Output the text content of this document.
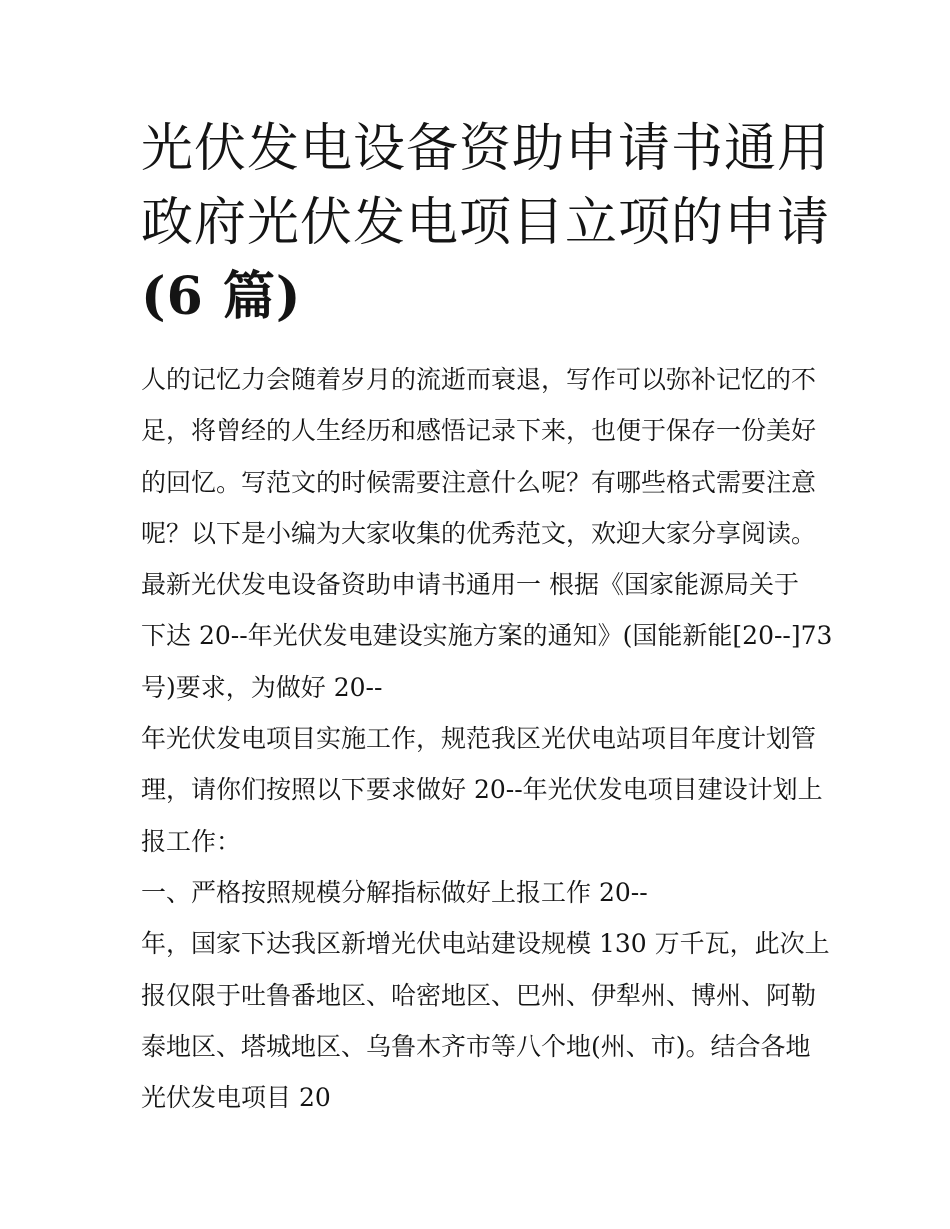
光伏发电设备资助申请书通用
政府光伏发电项目立项的申请
(6 篇)
人的记忆力会随着岁月的流逝而衰退，写作可以弥补记忆的不
足，将曾经的人生经历和感悟记录下来，也便于保存一份美好
的回忆。写范文的时候需要注意什么呢？有哪些格式需要注意
呢？以下是小编为大家收集的优秀范文，欢迎大家分享阅读。
最新光伏发电设备资助申请书通用一 根据《国家能源局关于
下达 20--年光伏发电建设实施方案的通知》(国能新能[20--]73
号)要求，为做好 20--
年光伏发电项目实施工作，规范我区光伏电站项目年度计划管
理，请你们按照以下要求做好 20--年光伏发电项目建设计划上
报工作：
一、严格按照规模分解指标做好上报工作 20--
年，国家下达我区新增光伏电站建设规模 130 万千瓦，此次上
报仅限于吐鲁番地区、哈密地区、巴州、伊犁州、博州、阿勒
泰地区、塔城地区、乌鲁木齐市等八个地(州、市)。结合各地
光伏发电项目 20
